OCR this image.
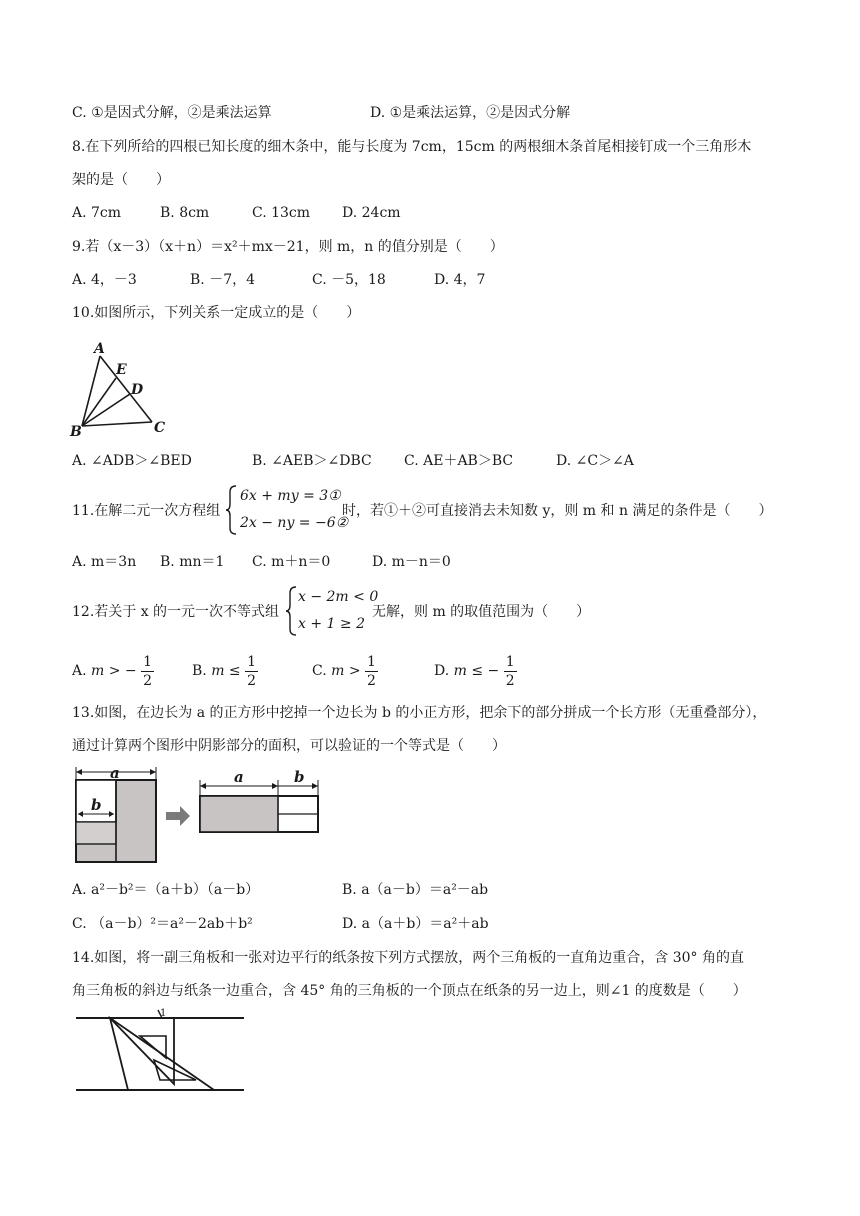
C. ①是因式分解，②是乘法运算	D. ①是乘法运算，②是因式分解
8.在下列所给的四根已知长度的细木条中，能与长度为 7cm，15cm 的两根细木条首尾相接钉成一个三角形木
架的是（　　）
A. 7cm	B. 8cm	C. 13cm D. 24cm
9.若（x－3）（x＋n）＝x²＋mx－21，则 m，n 的值分别是（　　）
A. 4，－3	B. －7，4	C. －5，18	D. 4，7
10.如图所示，下列关系一定成立的是（　　）
A
E
D
B	C
A. ∠ADB＞∠BED	B. ∠AEB＞∠DBC C. AE＋AB＞BC	D. ∠C＞∠A
11.在解二元一次方程组
6x + my = 3①
2x − ny = −6②
时，若①＋②可直接消去未知数 y，则 m 和 n 满足的条件是（　　）
A. m＝3n B. mn＝1 C. m＋n＝0	D. m－n＝0
12.若关于 x 的一元一次不等式组
x − 2m < 0
x + 1 ≥ 2
无解，则 m 的取值范围为（　　）
A. m > − $\frac{1}{2}$	B. $m \le \frac{1}{2}$	C. $m > \frac{1}{2}$	D. m ≤ − $\frac{1}{2}$
13.如图，在边长为 a 的正方形中挖掉一个边长为 b 的小正方形，把余下的部分拼成一个长方形（无重叠部分），
通过计算两个图形中阴影部分的面积，可以验证的一个等式是（　　）
a
b
a	b
A. a²－b²＝（a＋b）（a－b）	B. a（a－b）＝a²－ab
C. （a－b）²＝a²－2ab＋b²	D. a（a＋b）＝a²＋ab
14.如图，将一副三角板和一张对边平行的纸条按下列方式摆放，两个三角板的一直角边重合，含 30° 角的直
角三角板的斜边与纸条一边重合，含 45° 角的三角板的一个顶点在纸条的另一边上，则∠1 的度数是（　　）
1
